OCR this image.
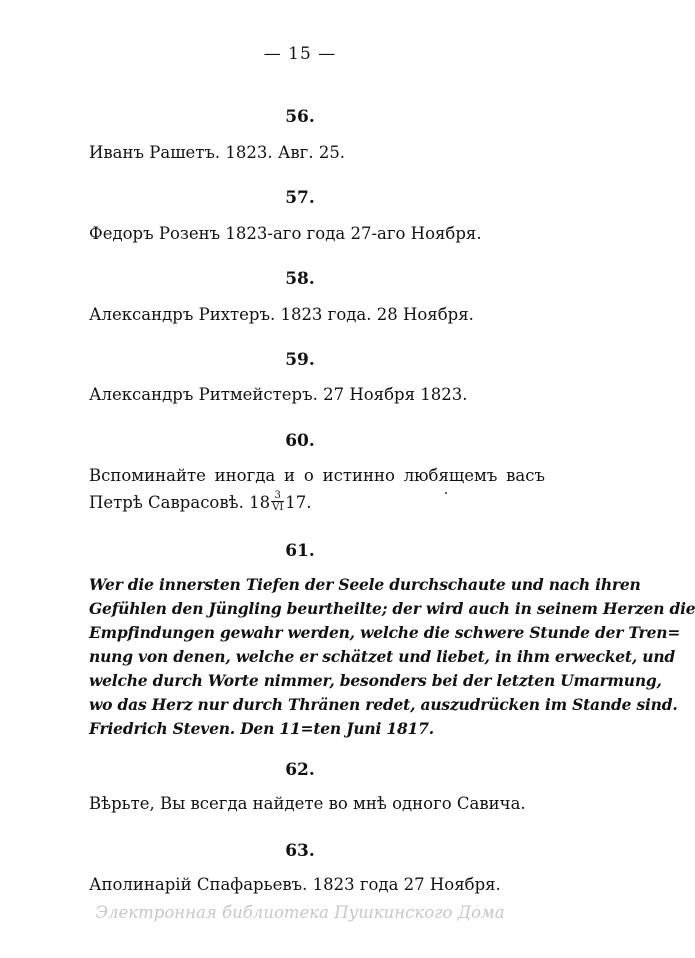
— 15 —
56.
Иванъ Рашетъ. 1823. Авг. 25.
57.
Федоръ Розенъ 1823-аго года 27-аго Ноября.
58.
Александръ Рихтеръ. 1823 года. 28 Ноября.
59.
Александръ Ритмейстеръ. 27 Ноября 1823.
60.
Вспоминайте иногда и о истинно любящемъ васъ
Петрѣ Саврасовѣ. $18 \frac{3}{VI} 17$.
61.
Wer die innersten Tiefen der Seele durchschaute und nach ihren
Gefühlen den Jüngling beurtheilte; der wird auch in seinem Herzen die
Empfindungen gewahr werden, welche die schwere Stunde der Tren=
nung von denen, welche er schätzet und liebet, in ihm erwecket, und
welche durch Worte nimmer, besonders bei der letzten Umarmung,
wo das Herz nur durch Thränen redet, auszudrücken im Stande sind.
Friedrich Steven. Den 11=ten Juni 1817.
62.
Вѣрьте, Вы всегда найдете во мнѣ одного Савича.
63.
Аполинарій Спафарьевъ. 1823 года 27 Ноября.
Электронная библиотека Пушкинского Дома
